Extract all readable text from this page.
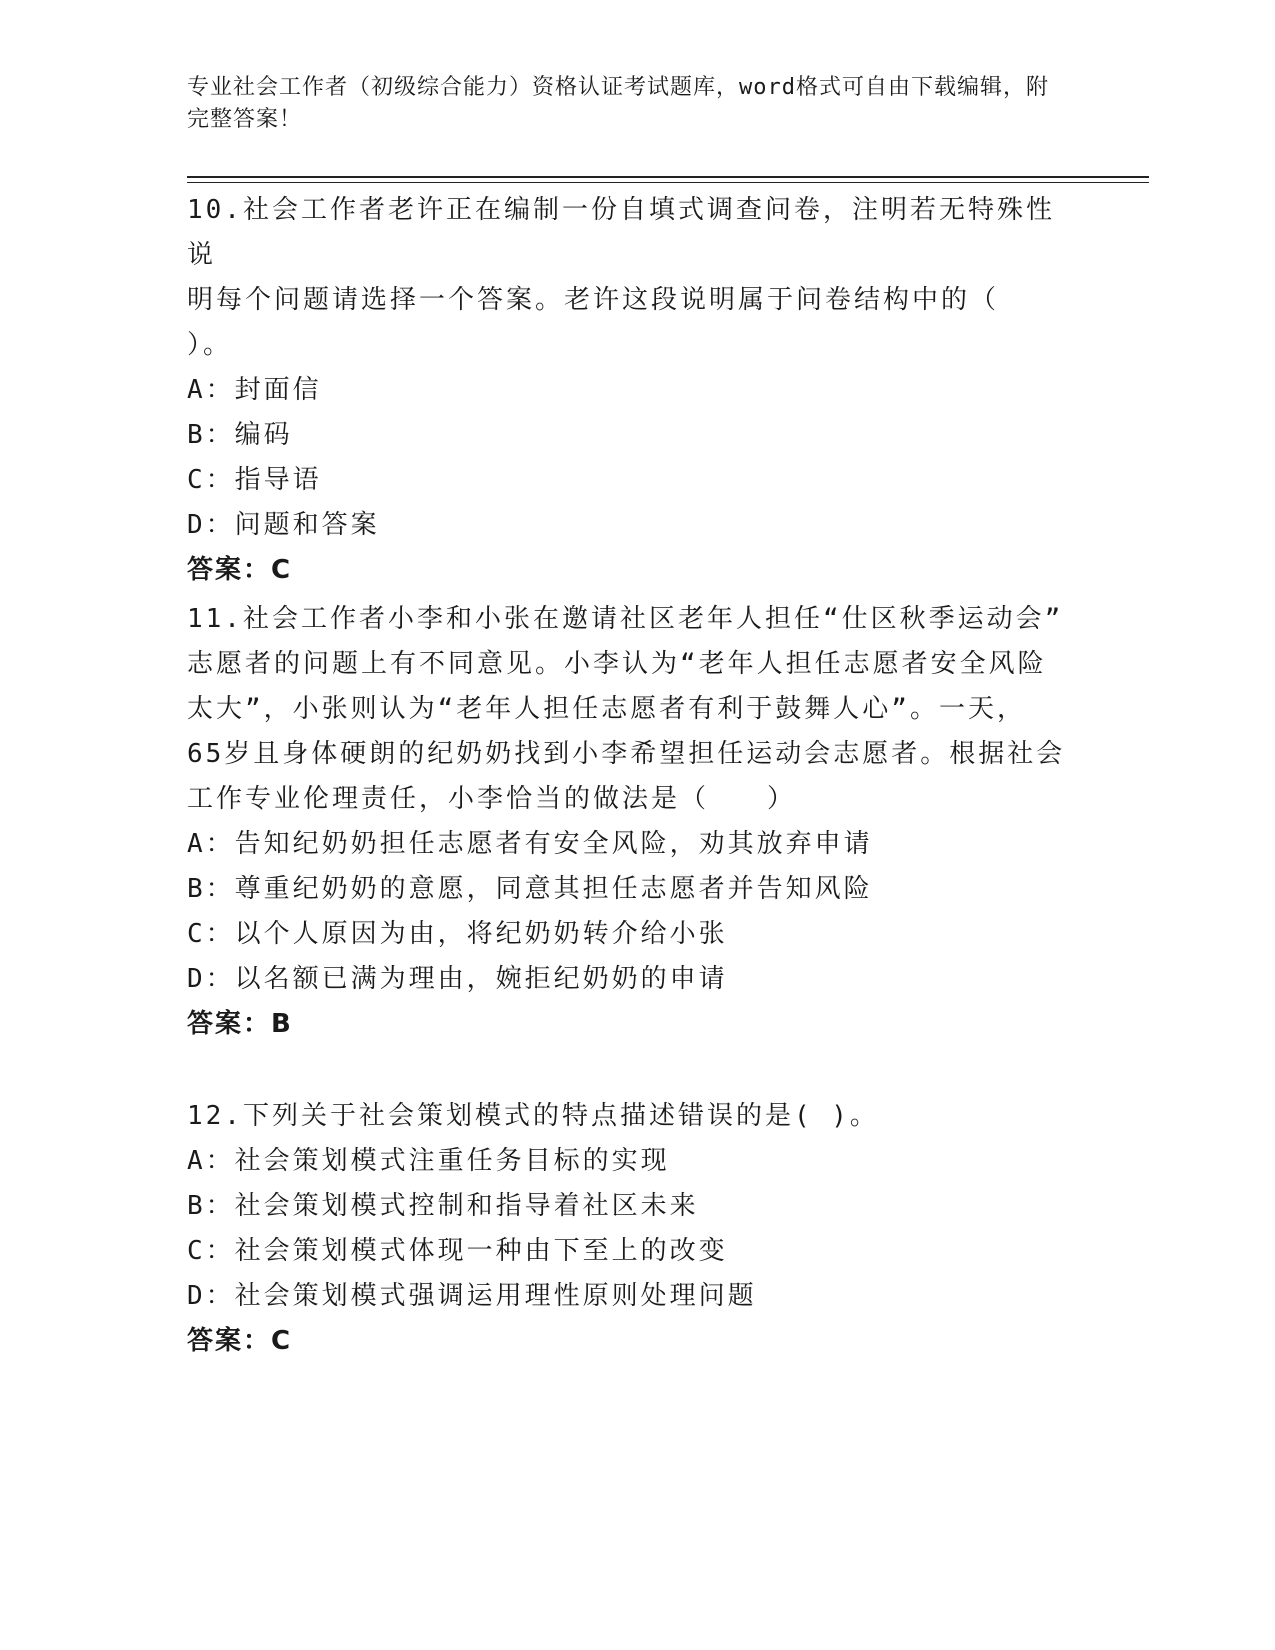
专业社会工作者（初级综合能力）资格认证考试题库，word格式可自由下载编辑，附完整答案！

10.社会工作者老许正在编制一份自填式调查问卷，注明若无特殊性说

明每个问题请选择一个答案。老许这段说明属于问卷结构中的（

）。

A：封面信

B：编码

C：指导语

D：问题和答案

答案：C

11.社会工作者小李和小张在邀请社区老年人担任“仕区秋季运动会”

志愿者的问题上有不同意见。小李认为“老年人担任志愿者安全风险

太大”，小张则认为“老年人担任志愿者有利于鼓舞人心”。一天，

65岁且身体硬朗的纪奶奶找到小李希望担任运动会志愿者。根据社会

工作专业伦理责任，小李恰当的做法是（　　）

A：告知纪奶奶担任志愿者有安全风险，劝其放弃申请

B：尊重纪奶奶的意愿，同意其担任志愿者并告知风险

C：以个人原因为由，将纪奶奶转介给小张

D：以名额已满为理由，婉拒纪奶奶的申请

答案：B

12.下列关于社会策划模式的特点描述错误的是( )。

A：社会策划模式注重任务目标的实现

B：社会策划模式控制和指导着社区未来

C：社会策划模式体现一种由下至上的改变

D：社会策划模式强调运用理性原则处理问题

答案：C
